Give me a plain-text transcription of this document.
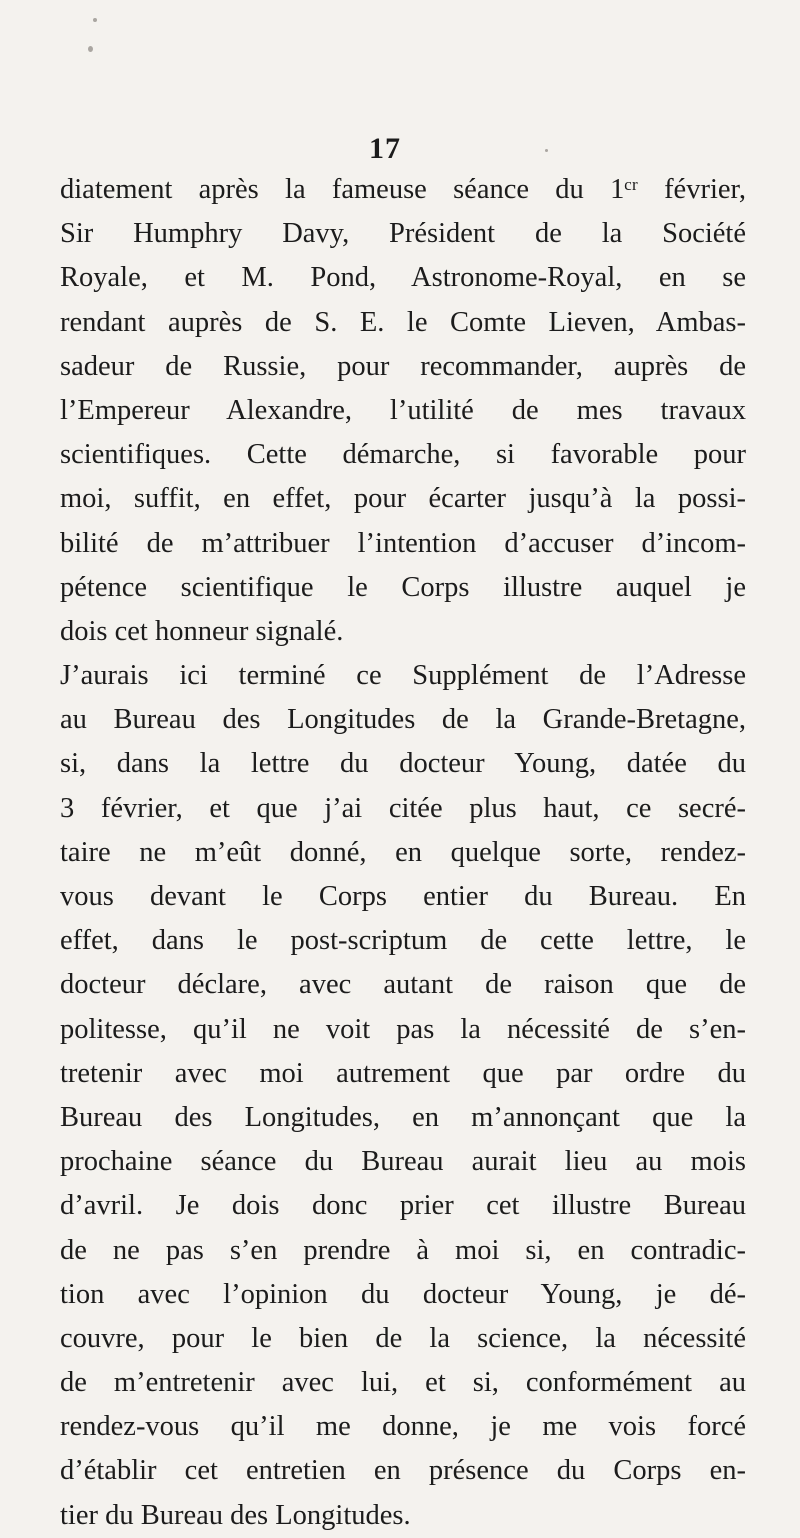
17
diatement après la fameuse séance du 1ᶜʳ février,
Sir Humphry Davy, Président de la Société
Royale, et M. Pond, Astronome-Royal, en se
rendant auprès de S. E. le Comte Lieven, Ambas-
sadeur de Russie, pour recommander, auprès de
l’Empereur Alexandre, l’utilité de mes travaux
scientifiques. Cette démarche, si favorable pour
moi, suffit, en effet, pour écarter jusqu’à la possi-
bilité de m’attribuer l’intention d’accuser d’incom-
pétence scientifique le Corps illustre auquel je
dois cet honneur signalé.
J’aurais ici terminé ce Supplément de l’Adresse
au Bureau des Longitudes de la Grande-Bretagne,
si, dans la lettre du docteur Young, datée du
3 février, et que j’ai citée plus haut, ce secré-
taire ne m’eût donné, en quelque sorte, rendez-
vous devant le Corps entier du Bureau. En
effet, dans le post-scriptum de cette lettre, le
docteur déclare, avec autant de raison que de
politesse, qu’il ne voit pas la nécessité de s’en-
tretenir avec moi autrement que par ordre du
Bureau des Longitudes, en m’annonçant que la
prochaine séance du Bureau aurait lieu au mois
d’avril. Je dois donc prier cet illustre Bureau
de ne pas s’en prendre à moi si, en contradic-
tion avec l’opinion du docteur Young, je dé-
couvre, pour le bien de la science, la nécessité
de m’entretenir avec lui, et si, conformément au
rendez-vous qu’il me donne, je me vois forcé
d’établir cet entretien en présence du Corps en-
tier du Bureau des Longitudes.
